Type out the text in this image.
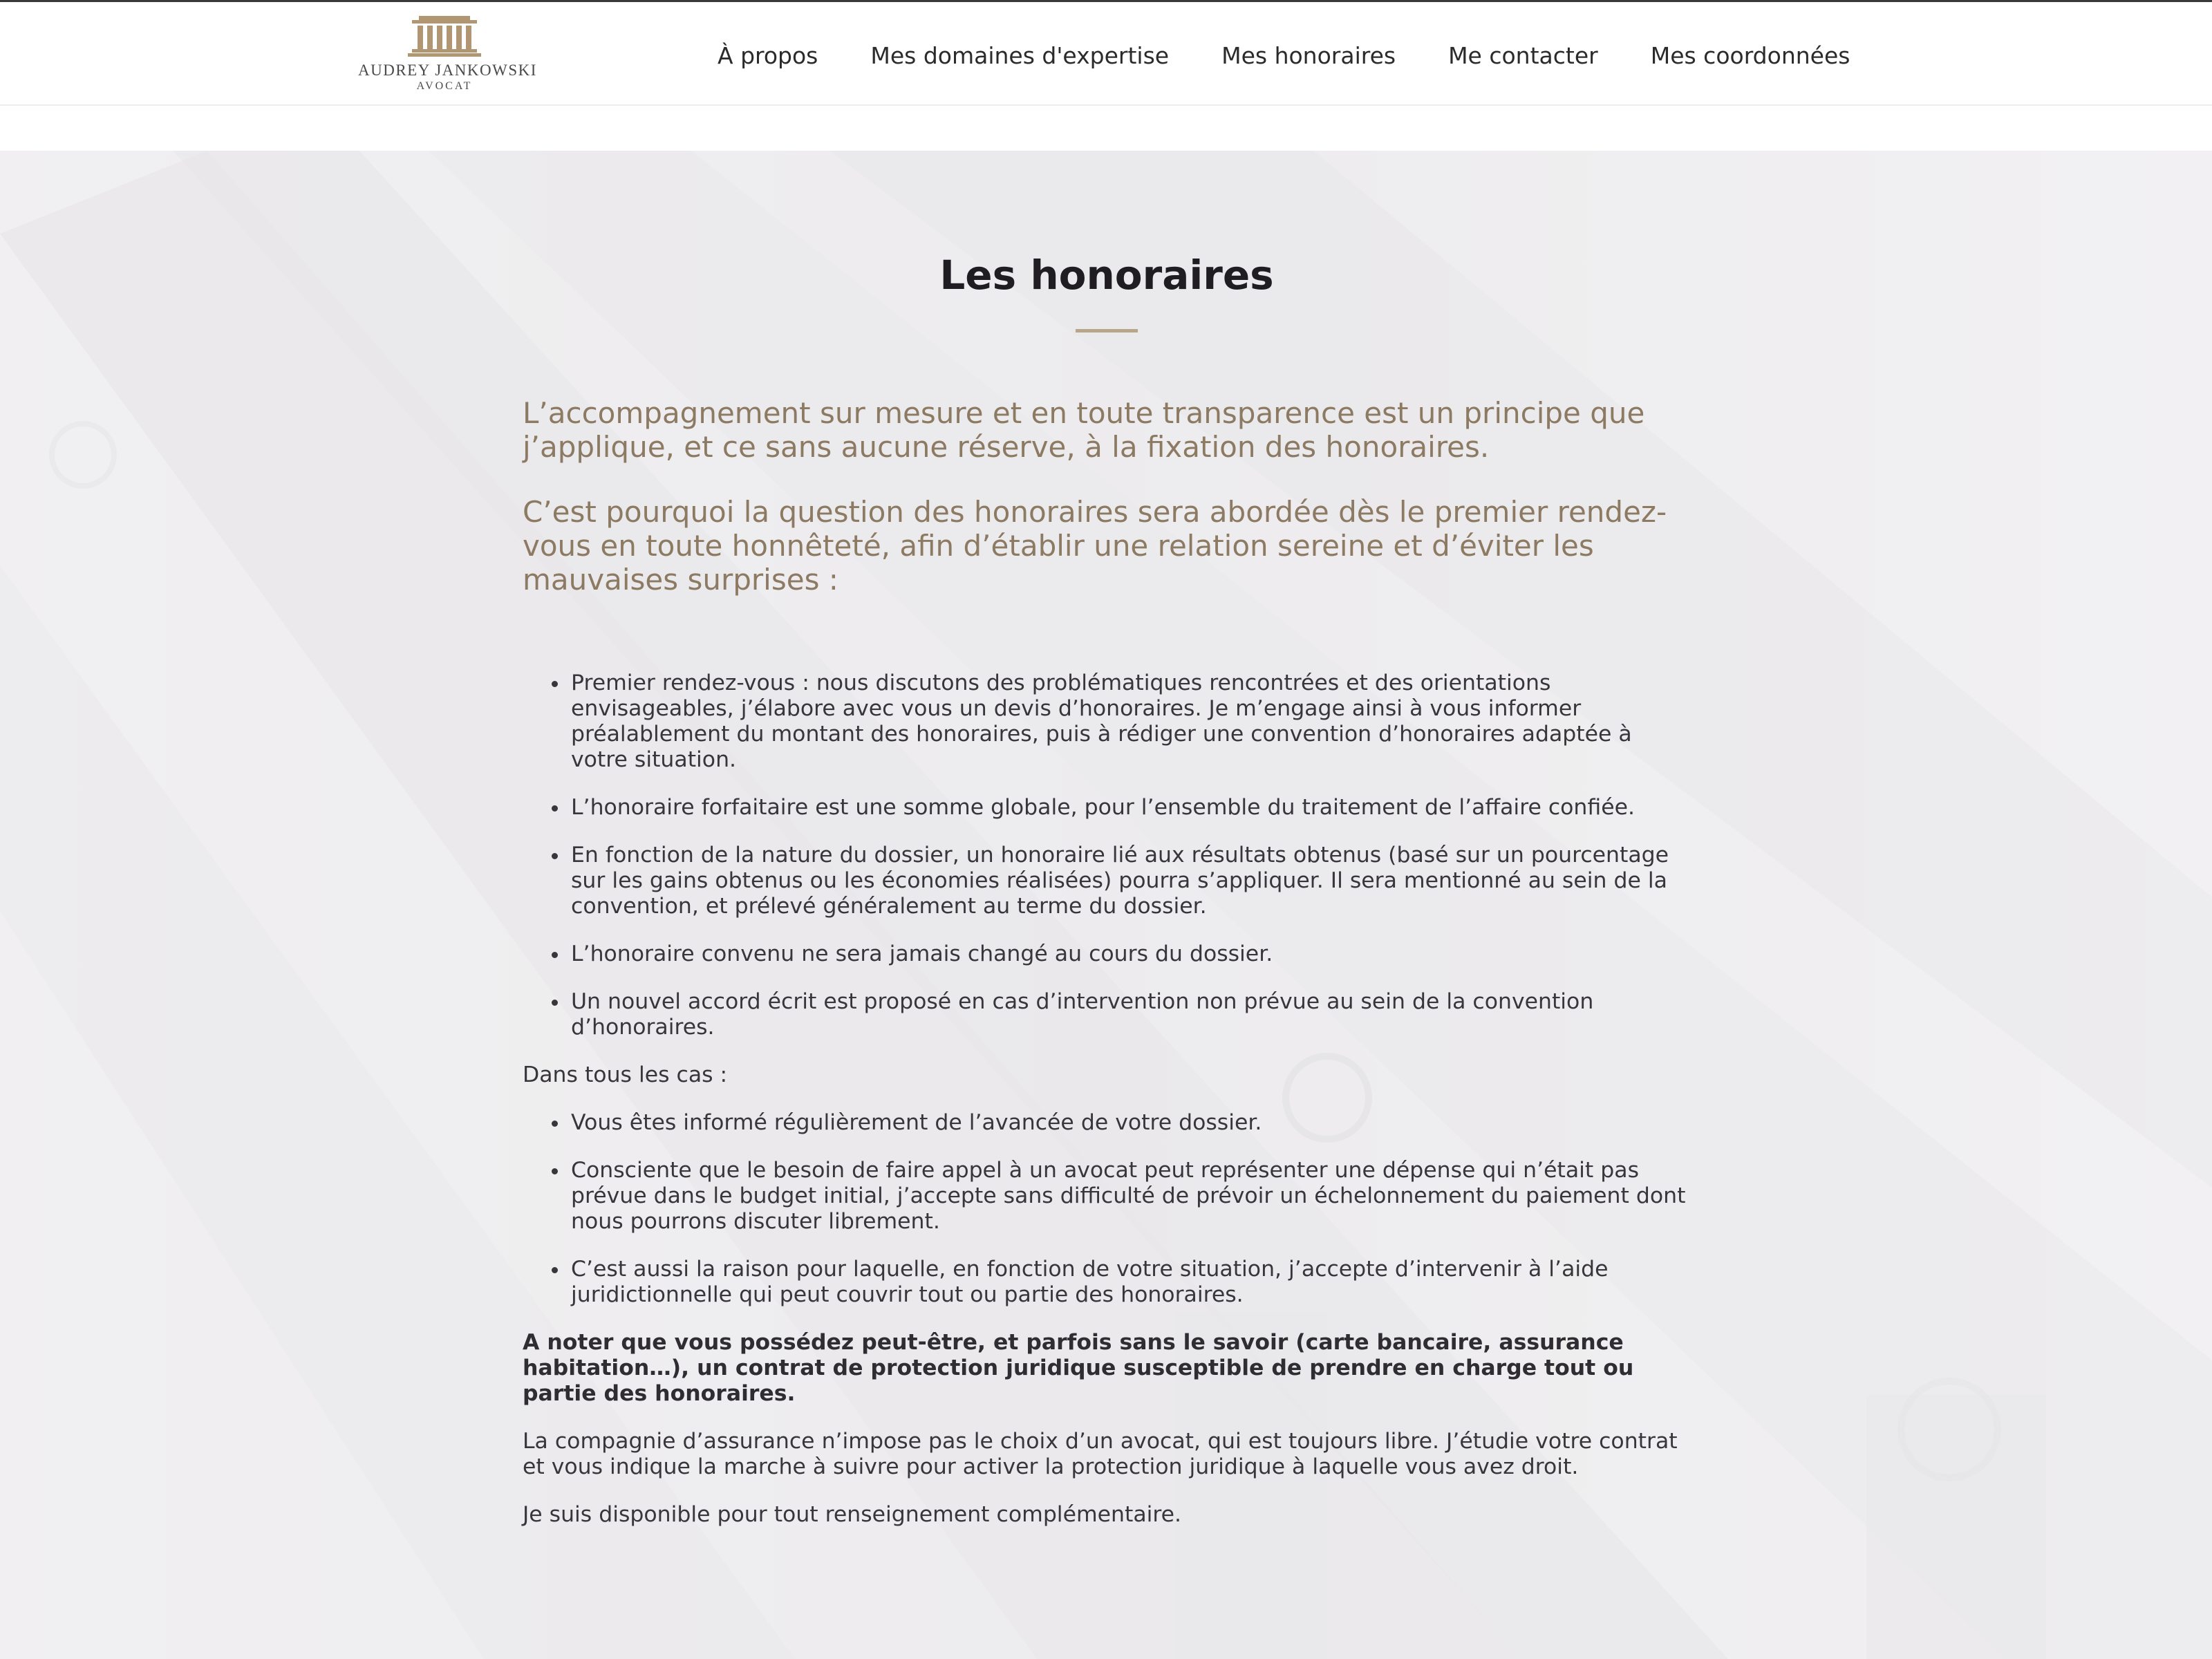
AUDREY JANKOWSKI
AVOCAT
À propos	Mes domaines d'expertise	Mes honoraires	Me contacter	Mes coordonnées
Les honoraires

L’accompagnement sur mesure et en toute transparence est un principe que j’applique, et ce sans aucune réserve, à la fixation des honoraires.

C’est pourquoi la question des honoraires sera abordée dès le premier rendez-vous en toute honnêteté, afin d’établir une relation sereine et d’éviter les mauvaises surprises :

Premier rendez-vous : nous discutons des problématiques rencontrées et des orientations envisageables, j’élabore avec vous un devis d’honoraires. Je m’engage ainsi à vous informer préalablement du montant des honoraires, puis à rédiger une convention d’honoraires adaptée à votre situation.
L’honoraire forfaitaire est une somme globale, pour l’ensemble du traitement de l’affaire confiée.
En fonction de la nature du dossier, un honoraire lié aux résultats obtenus (basé sur un pourcentage sur les gains obtenus ou les économies réalisées) pourra s’appliquer. Il sera mentionné au sein de la convention, et prélevé généralement au terme du dossier.
L’honoraire convenu ne sera jamais changé au cours du dossier.
Un nouvel accord écrit est proposé en cas d’intervention non prévue au sein de la convention d’honoraires.

Dans tous les cas :

Vous êtes informé régulièrement de l’avancée de votre dossier.
Consciente que le besoin de faire appel à un avocat peut représenter une dépense qui n’était pas prévue dans le budget initial, j’accepte sans difficulté de prévoir un échelonnement du paiement dont nous pourrons discuter librement.
C’est aussi la raison pour laquelle, en fonction de votre situation, j’accepte d’intervenir à l’aide juridictionnelle qui peut couvrir tout ou partie des honoraires.

A noter que vous possédez peut-être, et parfois sans le savoir (carte bancaire, assurance habitation…), un contrat de protection juridique susceptible de prendre en charge tout ou partie des honoraires.

La compagnie d’assurance n’impose pas le choix d’un avocat, qui est toujours libre. J’étudie votre contrat et vous indique la marche à suivre pour activer la protection juridique à laquelle vous avez droit.

Je suis disponible pour tout renseignement complémentaire.
